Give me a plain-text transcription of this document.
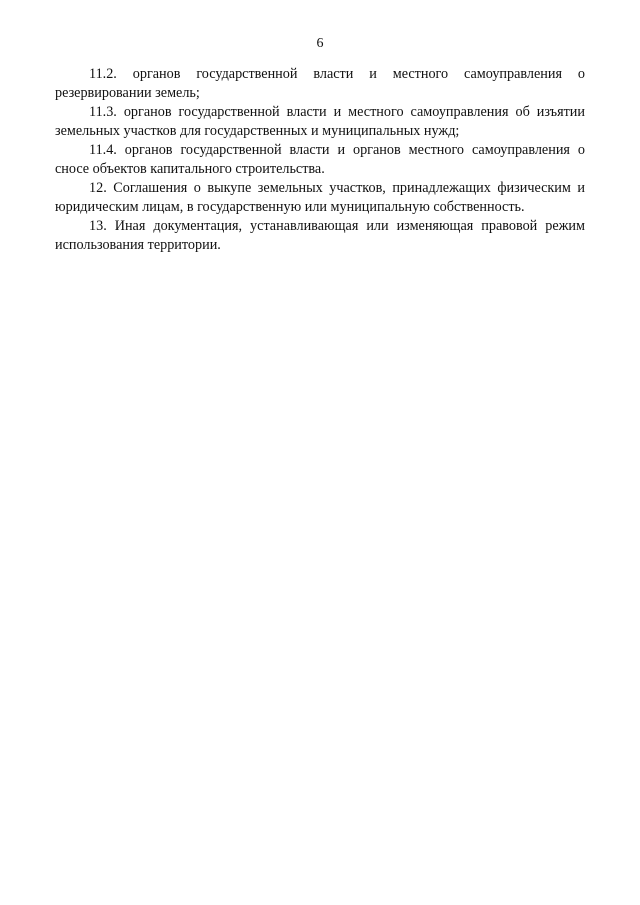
6

11.2. органов государственной власти и местного самоуправления о резервировании земель;

11.3. органов государственной власти и местного самоуправления об изъятии земельных участков для государственных и муниципальных нужд;

11.4. органов государственной власти и органов местного самоуправления о сносе объектов капитального строительства.

12. Соглашения о выкупе земельных участков, принадлежащих физическим и юридическим лицам, в государственную или муниципальную собственность.

13. Иная документация, устанавливающая или изменяющая правовой режим использования территории.
